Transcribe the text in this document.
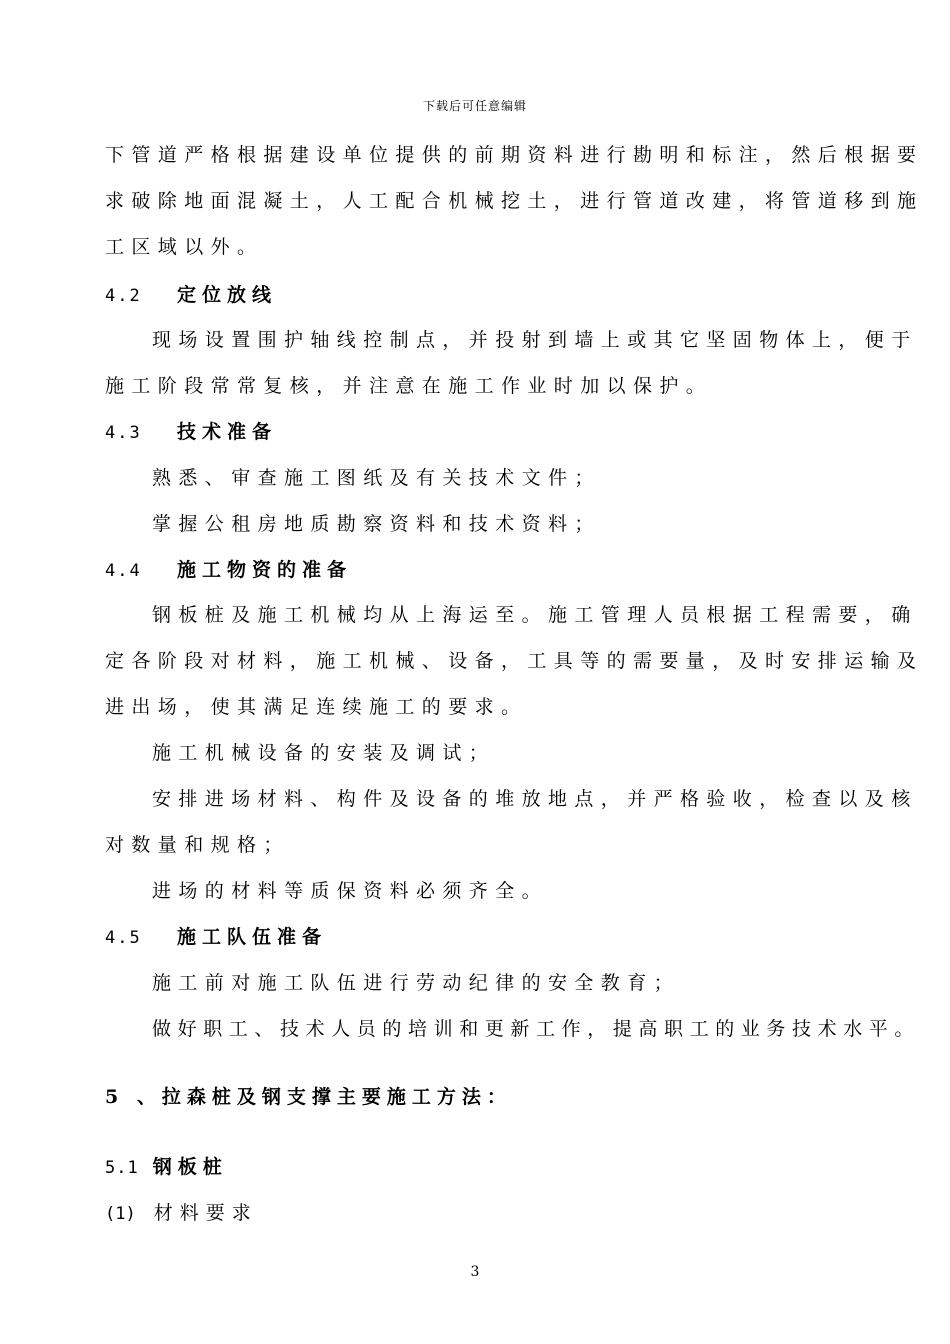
下载后可任意编辑
下管道严格根据建设单位提供的前期资料进行勘明和标注，然后根据要
求破除地面混凝土，人工配合机械挖土，进行管道改建，将管道移到施
工区域以外。
4.2 定位放线
现场设置围护轴线控制点，并投射到墙上或其它坚固物体上，便于
施工阶段常常复核，并注意在施工作业时加以保护。
4.3 技术准备
熟悉、审查施工图纸及有关技术文件；
掌握公租房地质勘察资料和技术资料；
4.4 施工物资的准备
钢板桩及施工机械均从上海运至。施工管理人员根据工程需要，确
定各阶段对材料，施工机械、设备，工具等的需要量，及时安排运输及
进出场，使其满足连续施工的要求。
施工机械设备的安装及调试；
安排进场材料、构件及设备的堆放地点，并严格验收，检查以及核
对数量和规格；
进场的材料等质保资料必须齐全。
4.5 施工队伍准备
施工前对施工队伍进行劳动纪律的安全教育；
做好职工、技术人员的培训和更新工作，提高职工的业务技术水平。
5 、拉森桩及钢支撑主要施工方法：
5.1 钢板桩
(1) 材料要求
3
